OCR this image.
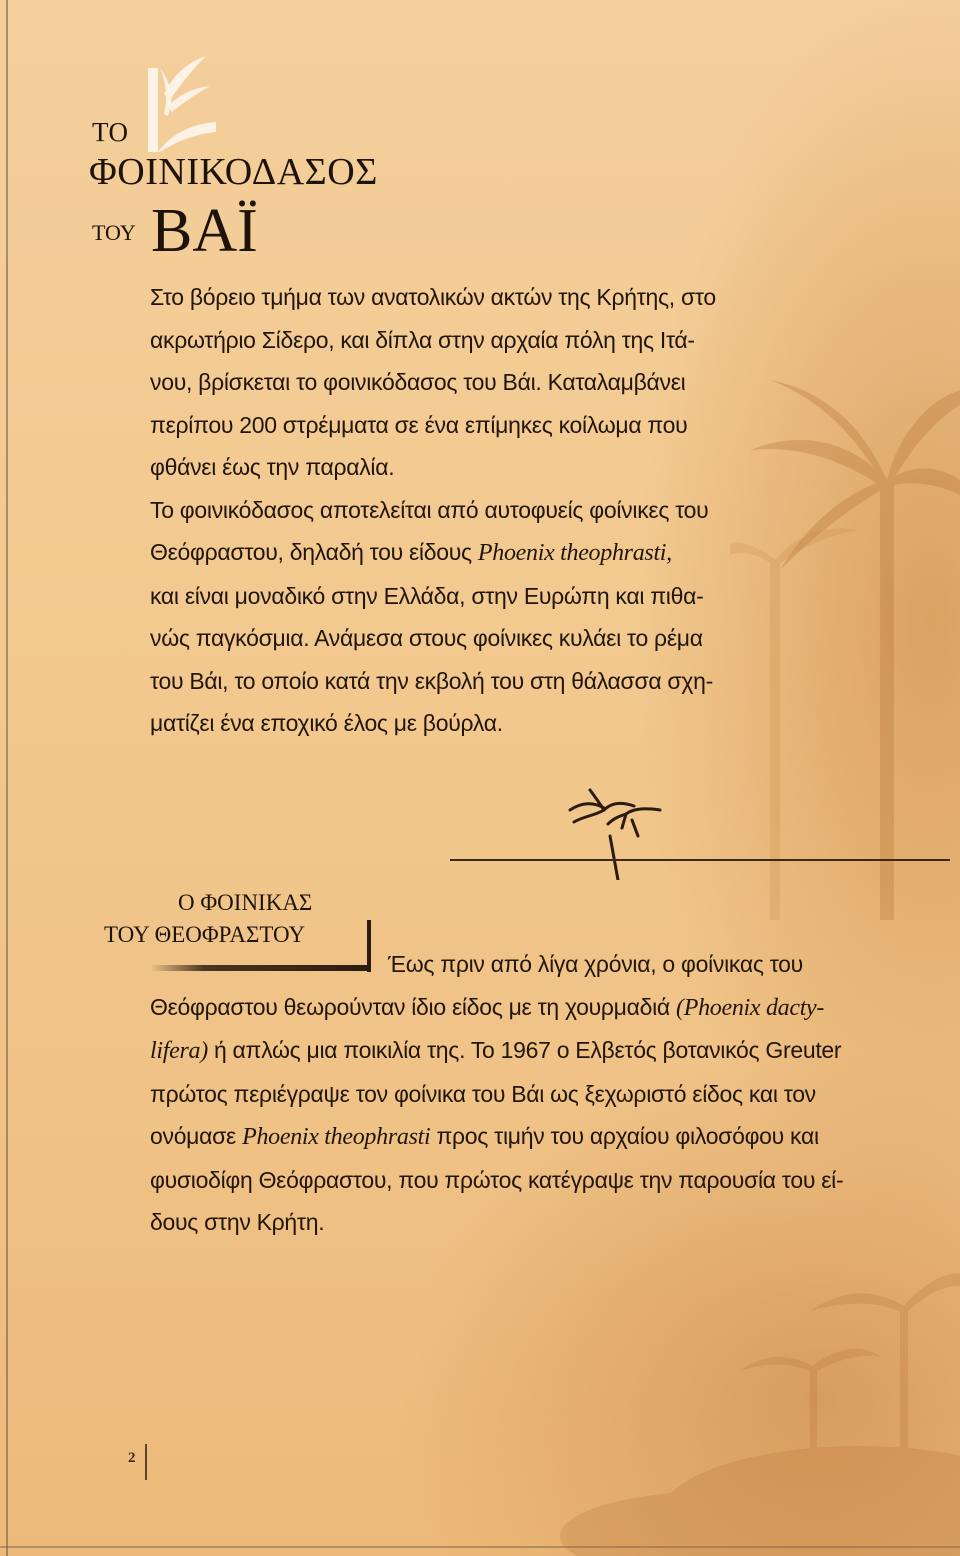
ΤΟ

ΦΟΙΝΙΚΟΔΑΣΟΣ

ΤΟΥ ΒΑΪ

Στο βόρειο τμήμα των ανατολικών ακτών της Κρήτης, στο
ακρωτήριο Σίδερο, και δίπλα στην αρχαία πόλη της Ιτά-
νου, βρίσκεται το φοινικόδασος του Βάι. Καταλαμβάνει
περίπου 200 στρέμματα σε ένα επίμηκες κοίλωμα που
φθάνει έως την παραλία.
Το φοινικόδασος αποτελείται από αυτοφυείς φοίνικες του
Θεόφραστου, δηλαδή του είδους Phoenix theophrasti,
και είναι μοναδικό στην Ελλάδα, στην Ευρώπη και πιθα-
νώς παγκόσμια. Ανάμεσα στους φοίνικες κυλάει το ρέμα
του Βάι, το οποίο κατά την εκβολή του στη θάλασσα σχη-
ματίζει ένα εποχικό έλος με βούρλα.

Ο ΦΟΙΝΙΚΑΣ

ΤΟΥ ΘΕΟΦΡΑΣΤΟΥ

Έως πριν από λίγα χρόνια, ο φοίνικας του
Θεόφραστου θεωρούνταν ίδιο είδος με τη χουρμαδιά (Phoenix dacty-
lifera) ή απλώς μια ποικιλία της. Το 1967 ο Ελβετός βοτανικός Greuter
πρώτος περιέγραψε τον φοίνικα του Βάι ως ξεχωριστό είδος και τον
ονόμασε Phoenix theophrasti προς τιμήν του αρχαίου φιλοσόφου και
φυσιοδίφη Θεόφραστου, που πρώτος κατέγραψε την παρουσία του εί-
δους στην Κρήτη.
2
